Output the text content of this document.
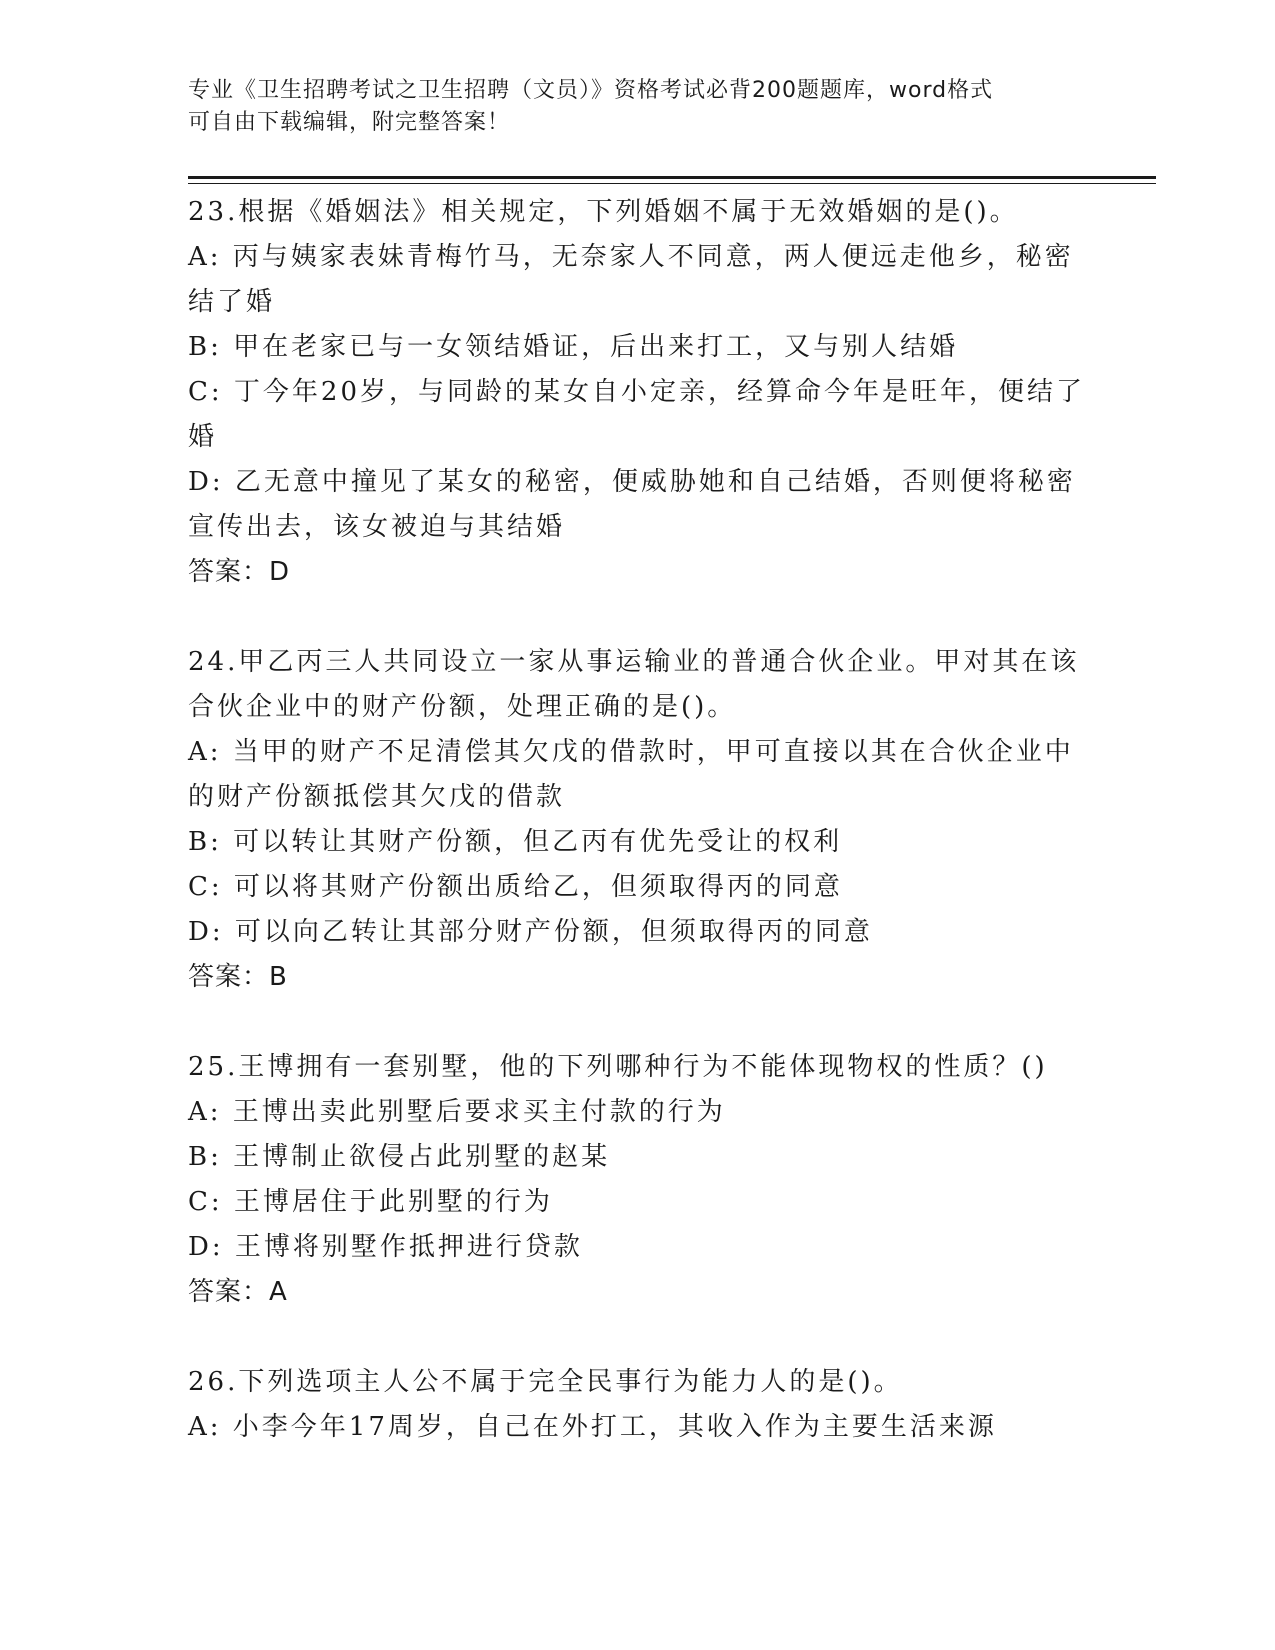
专业《卫生招聘考试之卫生招聘（文员）》资格考试必背200题题库，word格式
可自由下载编辑，附完整答案！
23.根据《婚姻法》相关规定，下列婚姻不属于无效婚姻的是()。
A: 丙与姨家表妹青梅竹马，无奈家人不同意，两人便远走他乡，秘密结了婚
B: 甲在老家已与一女领结婚证，后出来打工，又与别人结婚
C: 丁今年20岁，与同龄的某女自小定亲，经算命今年是旺年，便结了婚
D: 乙无意中撞见了某女的秘密，便威胁她和自己结婚，否则便将秘密宣传出去，该女被迫与其结婚
答案：D
24.甲乙丙三人共同设立一家从事运输业的普通合伙企业。甲对其在该合伙企业中的财产份额，处理正确的是()。
A: 当甲的财产不足清偿其欠戊的借款时，甲可直接以其在合伙企业中的财产份额抵偿其欠戊的借款
B: 可以转让其财产份额，但乙丙有优先受让的权利
C: 可以将其财产份额出质给乙，但须取得丙的同意
D: 可以向乙转让其部分财产份额，但须取得丙的同意
答案：B
25.王博拥有一套别墅，他的下列哪种行为不能体现物权的性质？()
A: 王博出卖此别墅后要求买主付款的行为
B: 王博制止欲侵占此别墅的赵某
C: 王博居住于此别墅的行为
D: 王博将别墅作抵押进行贷款
答案：A
26.下列选项主人公不属于完全民事行为能力人的是()。
A: 小李今年17周岁，自己在外打工，其收入作为主要生活来源
